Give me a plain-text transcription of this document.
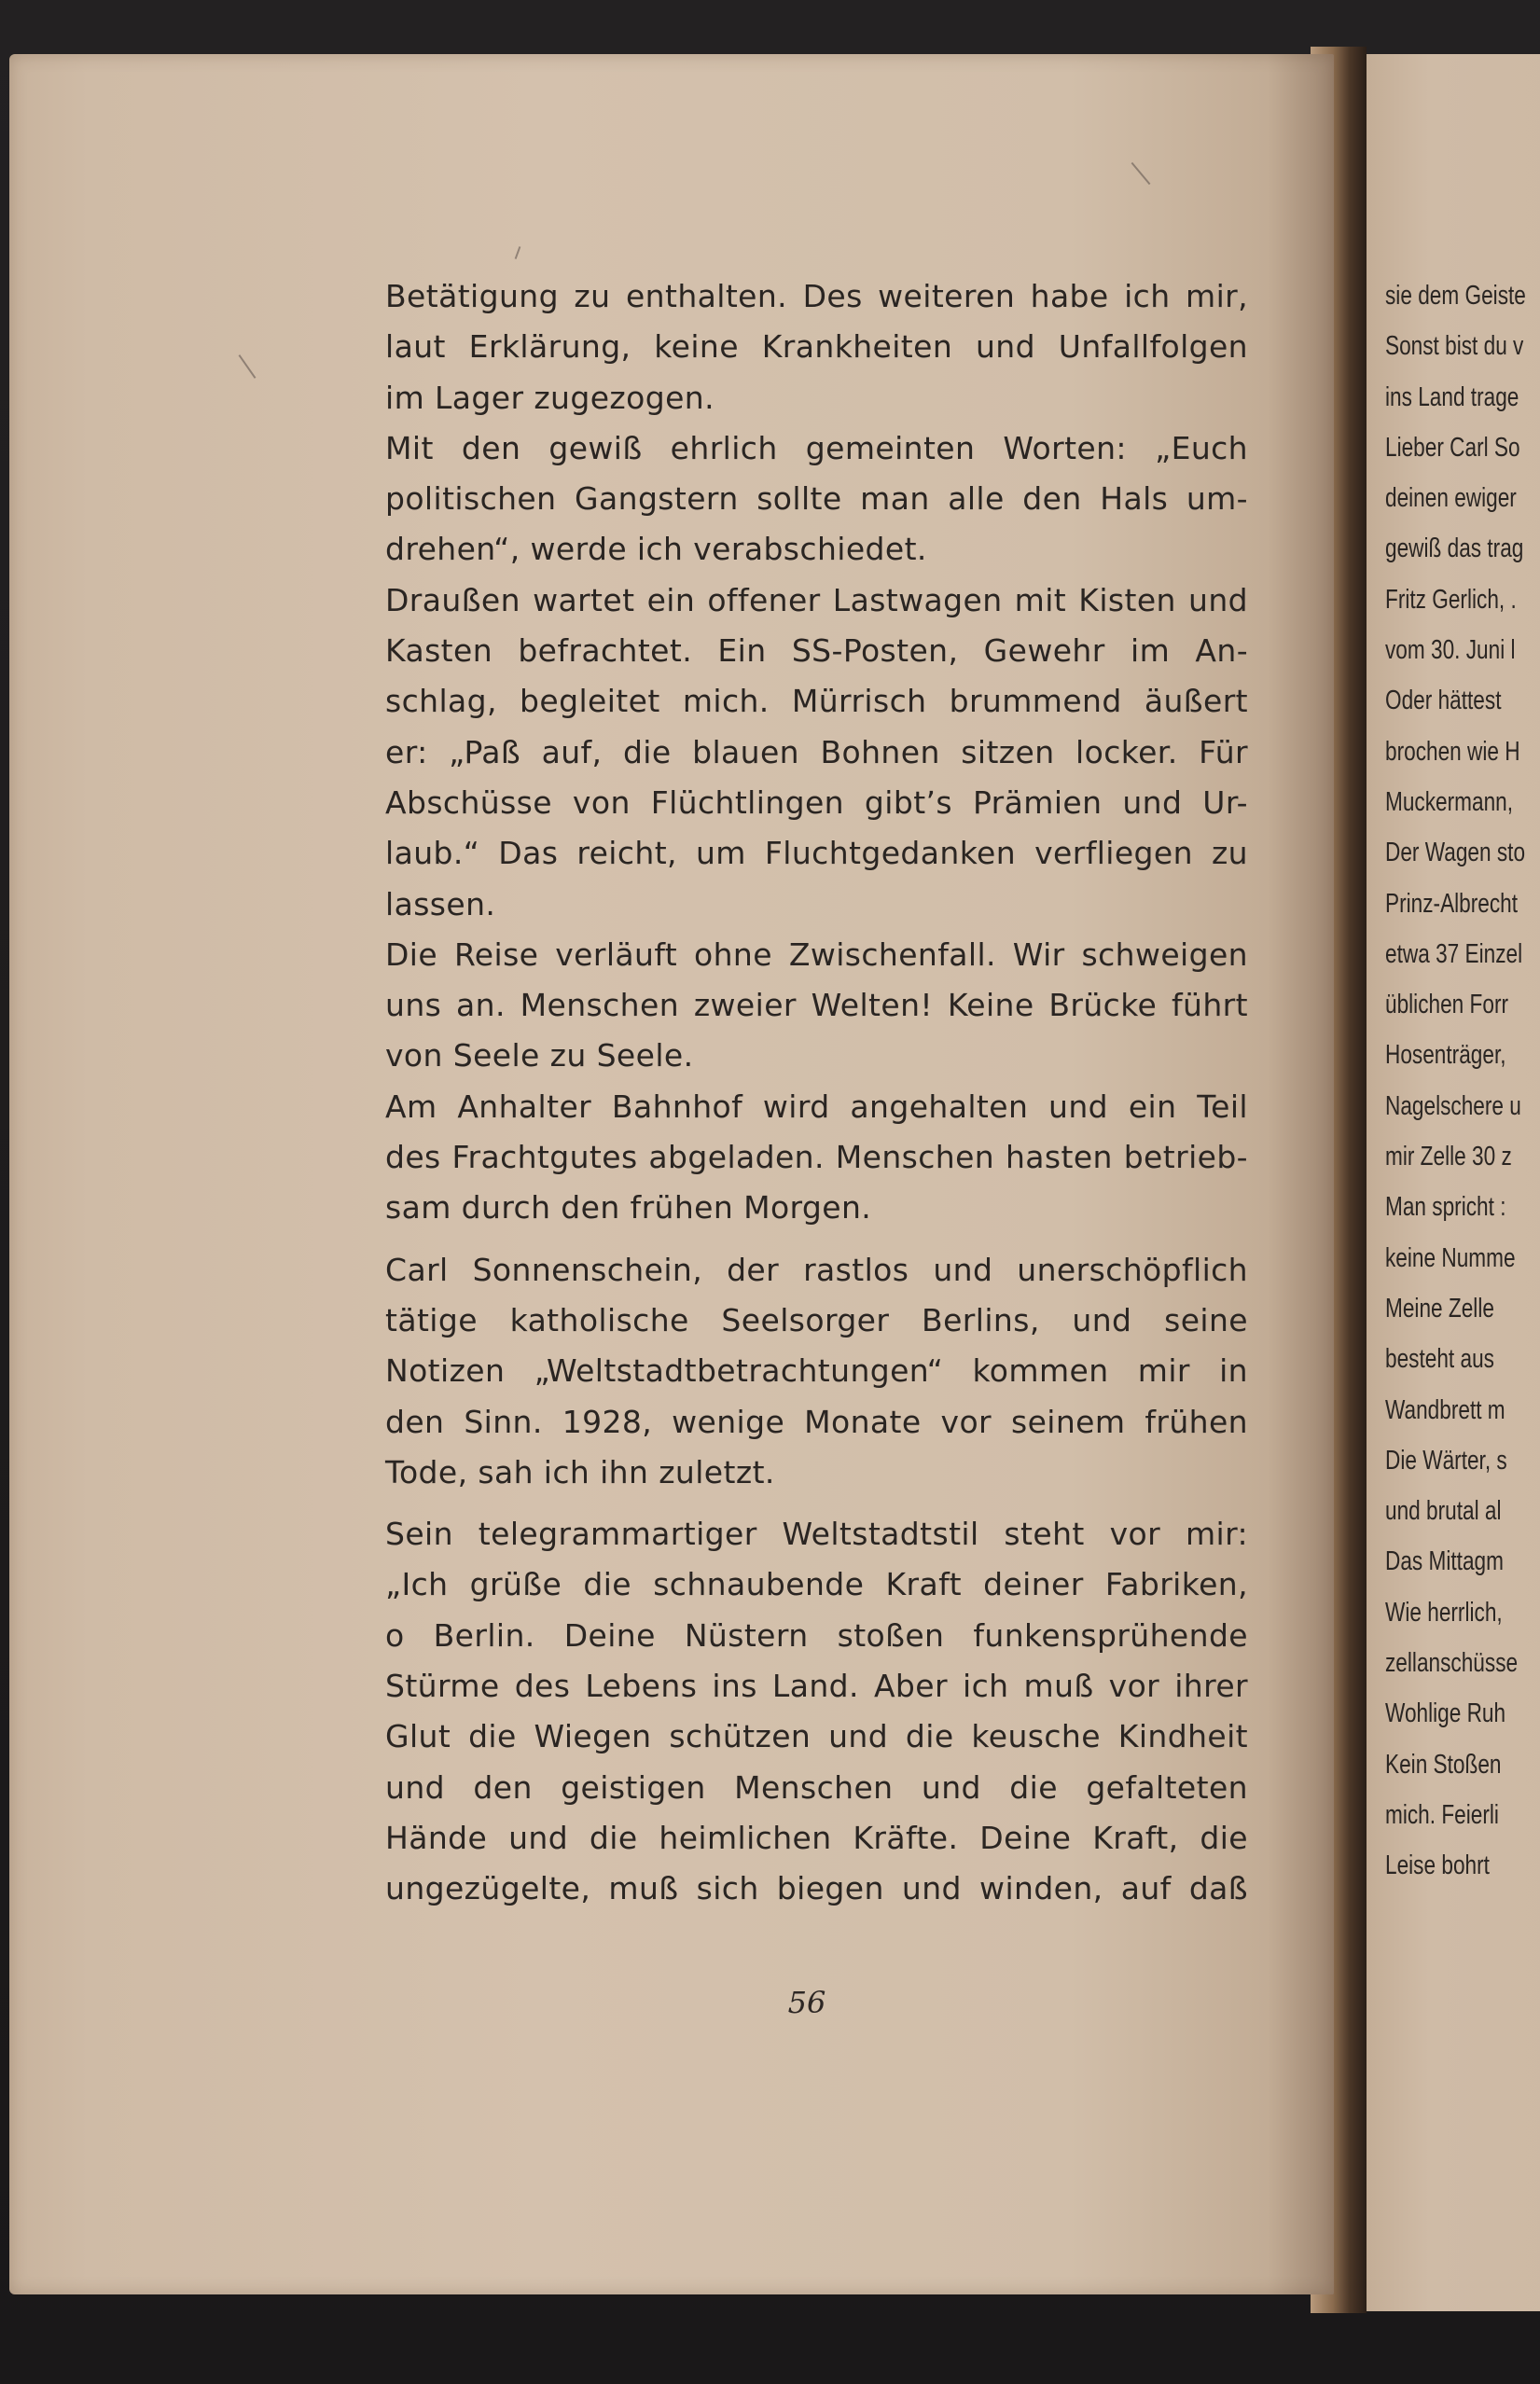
Betätigung zu enthalten. Des weiteren habe ich mir,
laut Erklärung, keine Krankheiten und Unfallfolgen
im Lager zugezogen.
Mit den gewiß ehrlich gemeinten Worten: „Euch
politischen Gangstern sollte man alle den Hals um-
drehen“, werde ich verabschiedet.
Draußen wartet ein offener Lastwagen mit Kisten und
Kasten befrachtet. Ein SS-Posten, Gewehr im An-
schlag, begleitet mich. Mürrisch brummend äußert
er: „Paß auf, die blauen Bohnen sitzen locker. Für
Abschüsse von Flüchtlingen gibt’s Prämien und Ur-
laub.“ Das reicht, um Fluchtgedanken verfliegen zu
lassen.
Die Reise verläuft ohne Zwischenfall. Wir schweigen
uns an. Menschen zweier Welten! Keine Brücke führt
von Seele zu Seele.
Am Anhalter Bahnhof wird angehalten und ein Teil
des Frachtgutes abgeladen. Menschen hasten betrieb-
sam durch den frühen Morgen.
Carl Sonnenschein, der rastlos und unerschöpflich
tätige katholische Seelsorger Berlins, und seine
Notizen „Weltstadtbetrachtungen“ kommen mir in
den Sinn. 1928, wenige Monate vor seinem frühen
Tode, sah ich ihn zuletzt.
Sein telegrammartiger Weltstadtstil steht vor mir:
„Ich grüße die schnaubende Kraft deiner Fabriken,
o Berlin. Deine Nüstern stoßen funkensprühende
Stürme des Lebens ins Land. Aber ich muß vor ihrer
Glut die Wiegen schützen und die keusche Kindheit
und den geistigen Menschen und die gefalteten
Hände und die heimlichen Kräfte. Deine Kraft, die
ungezügelte, muß sich biegen und winden, auf daß
56
sie dem Geiste
Sonst bist du v
ins Land trage
Lieber Carl So
deinen ewiger
gewiß das trag
Fritz Gerlich, .
vom 30. Juni l
Oder hättest
brochen wie H
Muckermann,
Der Wagen sto
Prinz-Albrecht
etwa 37 Einzel
üblichen Forr
Hosenträger,
Nagelschere u
mir Zelle 30 z
Man spricht :
keine Numme
Meine Zelle
besteht aus
Wandbrett m
Die Wärter, s
und brutal al
Das Mittagm
Wie herrlich,
zellanschüsse
Wohlige Ruh
Kein Stoßen
mich. Feierli
Leise bohrt
